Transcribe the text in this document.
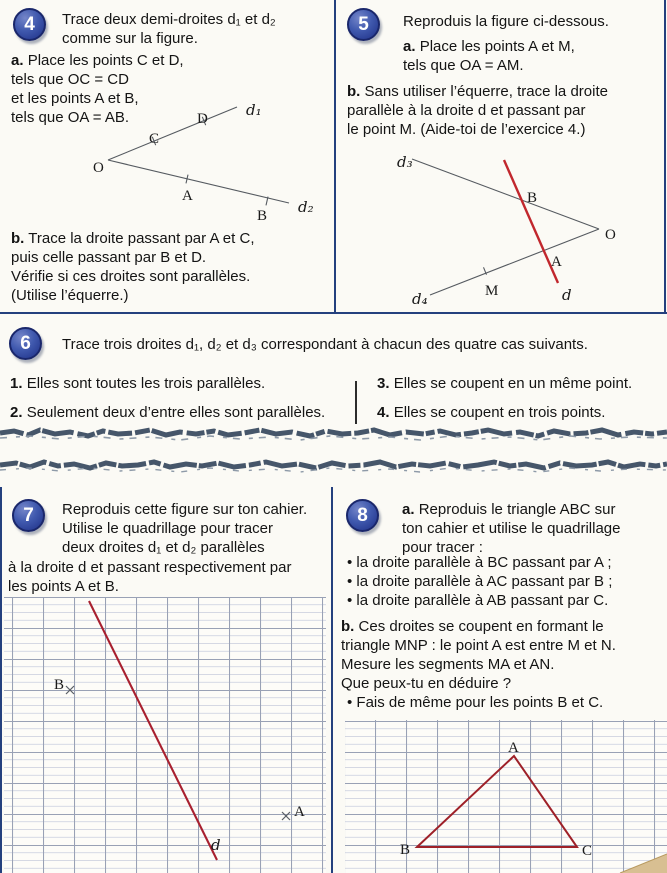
4 Trace deux demi-droites d₁ et d₂
comme sur la figure.
a. Place les points C et D,
tels que OC = CD
et les points A et B,
tels que OA = AB.
b. Trace la droite passant par A et C,
puis celle passant par B et D.
Vérifie si ces droites sont parallèles.
(Utilise l’équerre.)
O
C
D
A
B
d₁
d₂
5 Reproduis la figure ci-dessous.
a. Place les points A et M,
tels que OA = AM.
b. Sans utiliser l’équerre, trace la droite
parallèle à la droite d et passant par
le point M. (Aide-toi de l’exercice 4.)
d₃
d₄
O
B
A
M	d
6 Trace trois droites d₁, d₂ et d₃ correspondant à chacun des quatre cas suivants.
1. Elles sont toutes les trois parallèles.
2. Seulement deux d’entre elles sont parallèles.
3. Elles se coupent en un même point.
4. Elles se coupent en trois points.
7 Reproduis cette figure sur ton cahier.
Utilise le quadrillage pour tracer
deux droites d₁ et d₂ parallèles
à la droite d et passant respectivement par
les points A et B.
B
A
d
8 a. Reproduis le triangle ABC sur
ton cahier et utilise le quadrillage
pour tracer :
• la droite parallèle à BC passant par A ;
• la droite parallèle à AC passant par B ;
• la droite parallèle à AB passant par C.
b. Ces droites se coupent en formant le
triangle MNP : le point A est entre M et N.
Mesure les segments MA et AN.
Que peux-tu en déduire ?
• Fais de même pour les points B et C.
A
B	C
